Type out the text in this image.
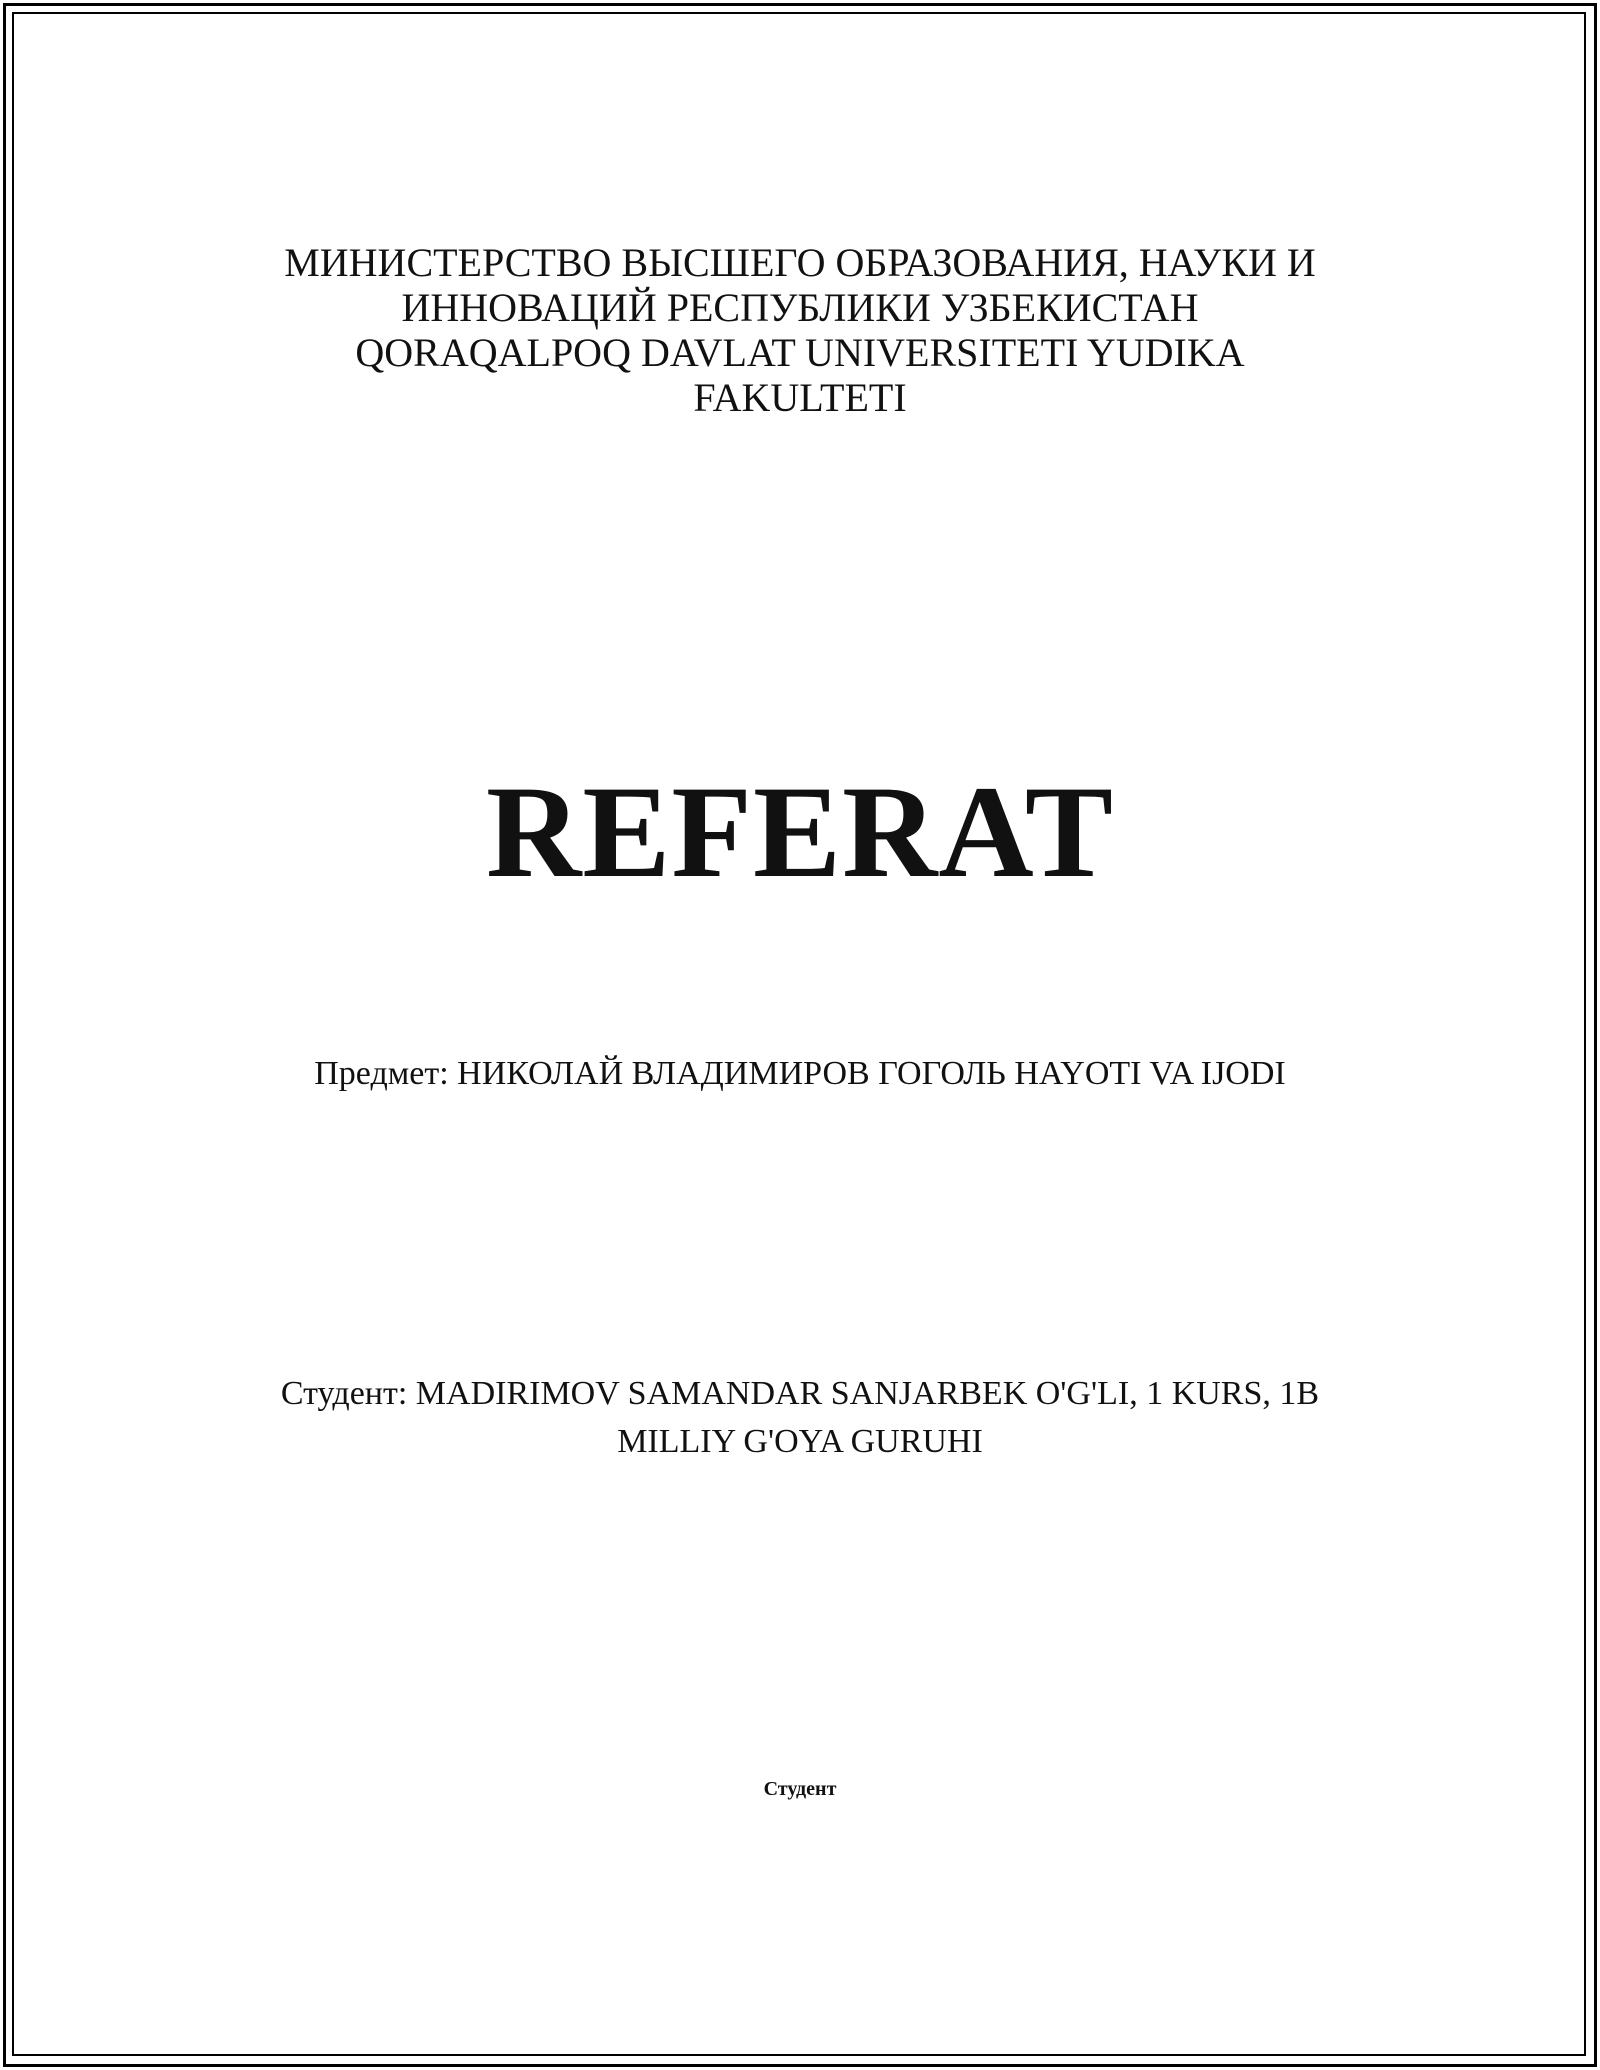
МИНИСТЕРСТВО ВЫСШЕГО ОБРАЗОВАНИЯ, НАУКИ И
ИННОВАЦИЙ РЕСПУБЛИКИ УЗБЕКИСТАН
QORAQALPOQ DAVLAT UNIVERSITETI YUDIKA
FAKULTETI
REFERAT
Предмет: НИКОЛАЙ ВЛАДИМИРОВ ГОГОЛЬ HAYOTI VA IJODI
Студент: MADIRIMOV SAMANDAR SANJARBEK O'G'LI, 1 KURS, 1B
MILLIY G'OYA GURUHI
Студент
